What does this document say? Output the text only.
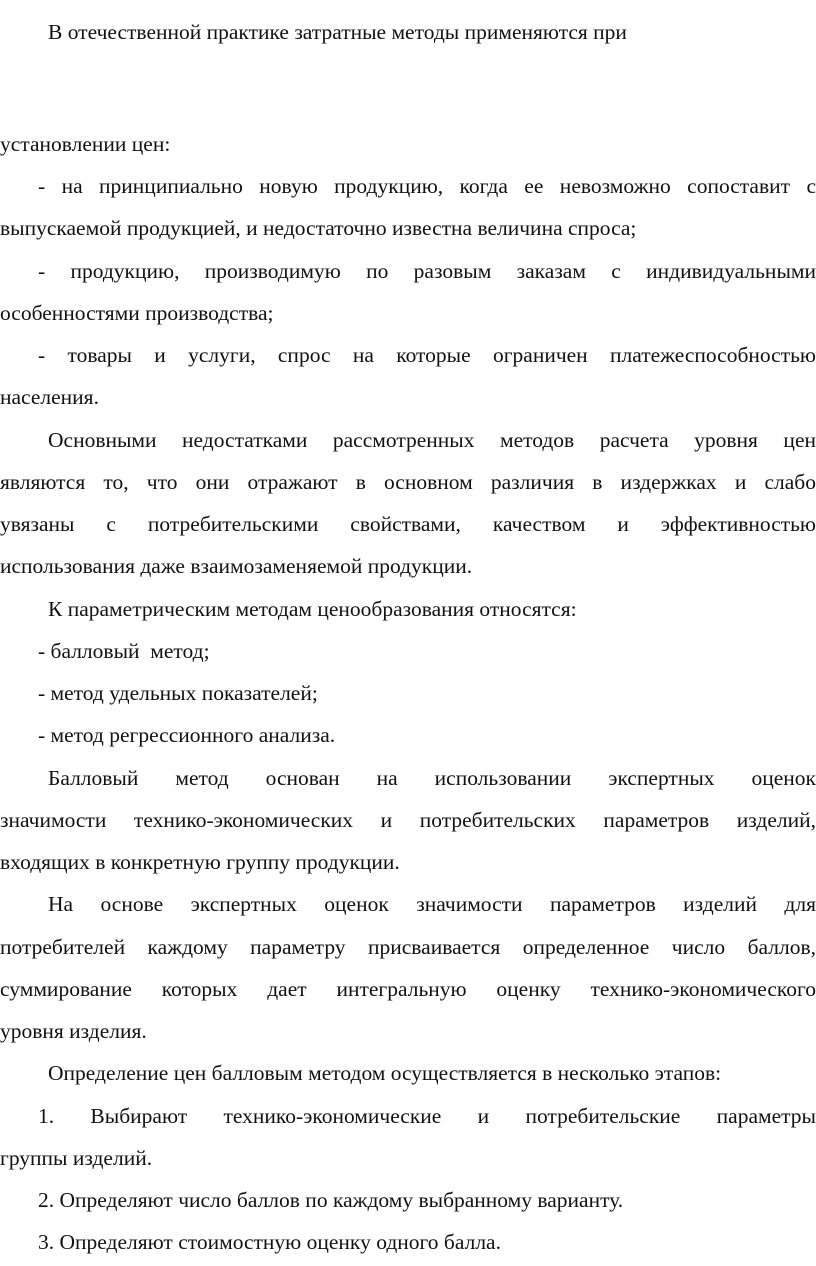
В отечественной практике затратные методы применяются при

установлении цен:

- на принципиально новую продукцию, когда ее невозможно сопоставит с

выпускаемой продукцией, и недостаточно известна величина спроса;

- продукцию, производимую по разовым заказам с индивидуальными

особенностями производства;

- товары и услуги, спрос на которые ограничен платежеспособностью

населения.

Основными недостатками рассмотренных методов расчета уровня цен

являются то, что они отражают в основном различия в издержках и слабо

увязаны с потребительскими свойствами, качеством и эффективностью

использования даже взаимозаменяемой продукции.

К параметрическим методам ценообразования относятся:

- балловый  метод;

- метод удельных показателей;

- метод регрессионного анализа.

Балловый метод основан на использовании экспертных оценок

значимости технико-экономических и потребительских параметров изделий,

входящих в конкретную группу продукции.

На основе экспертных оценок значимости параметров изделий для

потребителей каждому параметру присваивается определенное число баллов,

суммирование которых дает интегральную оценку технико-экономического

уровня изделия.

Определение цен балловым методом осуществляется в несколько этапов:

1. Выбирают технико-экономические и потребительские параметры

группы изделий.

2. Определяют число баллов по каждому выбранному варианту.

3. Определяют стоимостную оценку одного балла.
